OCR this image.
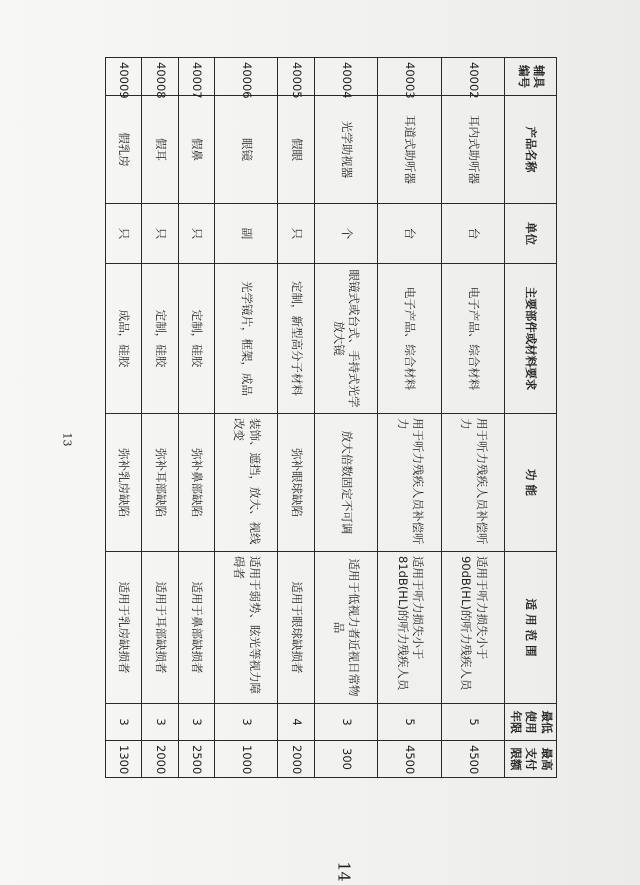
辅具编号	产品名称	单位	主要部件或材料要求	功 能	适 用 范 围	最低使用年限	最高支付限额
40002	耳内式助听器	台	电子产品、综合材料	用于听力残疾人员补偿听力	适用于听力损失小于90dB(HL)的听力残疾人员	5	4500
40003	耳道式助听器	台	电子产品、综合材料	用于听力残疾人员补偿听力	适用于听力损失小于81dB(HL)的听力残疾人员	5	4500
40004	光学助视器	个	眼镜式或台式、手持式光学放大镜	放大倍数固定不可调	适用于低视力者近视日常物品	3	300
40005	假眼	只	定制，新型高分子材料	弥补眼球缺陷	适用于眼球缺损者	4	2000
40006	眼镜	副	光学镜片，框架，成品	装饰、遮挡，放大、视线改变	适用于弱势、眩光等视力障碍者	3	1000
40007	假鼻	只	定制，硅胶	弥补鼻部缺陷	适用于鼻部缺损者	3	2500
40008	假耳	只	定制，硅胶	弥补耳部缺陷	适用于耳部缺损者	3	2000
40009	假乳房	只	成品，硅胶	弥补乳房缺陷	适用于乳房缺损者	3	1300
13
14
